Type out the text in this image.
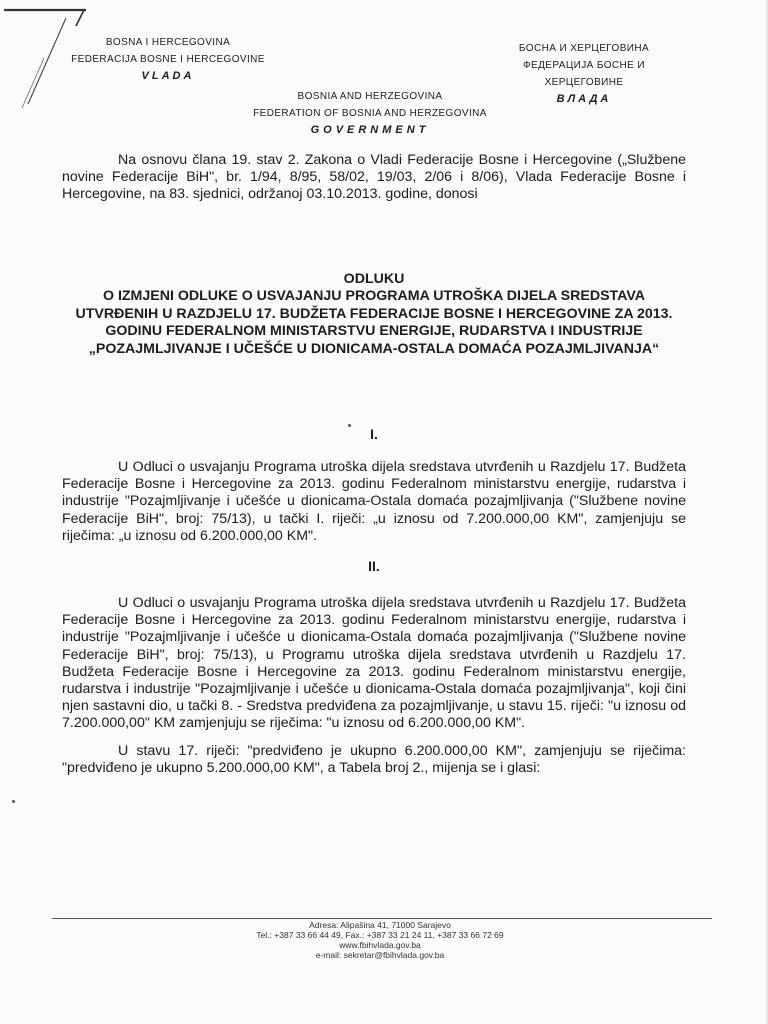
BOSNA I HERCEGOVINA
FEDERACIJA BOSNE I HERCEGOVINE
VLADA
БОСНА И ХЕРЦЕГОВИНА
ФЕДЕРАЦИЈА БОСНЕ И ХЕРЦЕГОВИНЕ
ВЛАДА
BOSNIA AND HERZEGOVINA
FEDERATION OF BOSNIA AND HERZEGOVINA
GOVERNMENT
Na osnovu člana 19. stav 2. Zakona o Vladi Federacije Bosne i Hercegovine („Službene novine Federacije BiH", br. 1/94, 8/95, 58/02, 19/03, 2/06 i 8/06), Vlada Federacije Bosne i Hercegovine, na 83. sjednici, održanoj 03.10.2013. godine, donosi
ODLUKU
O IZMJENI ODLUKE O USVAJANJU PROGRAMA UTROŠKA DIJELA SREDSTAVA UTVRĐENIH U RAZDJELU 17. BUDŽETA FEDERACIJE BOSNE I HERCEGOVINE ZA 2013. GODINU FEDERALNOM MINISTARSTVU ENERGIJE, RUDARSTVA I INDUSTRIJE „POZAJMLJIVANJE I UČEŠĆE U DIONICAMA-OSTALA DOMAĆA POZAJMLJIVANJA“
I.
U Odluci o usvajanju Programa utroška dijela sredstava utvrđenih u Razdjelu 17. Budžeta Federacije Bosne i Hercegovine za 2013. godinu Federalnom ministarstvu energije, rudarstva i industrije "Pozajmljivanje i učešće u dionicama-Ostala domaća pozajmljivanja ("Službene novine Federacije BiH", broj: 75/13), u tački I. riječi: „u iznosu od 7.200.000,00 KM", zamjenjuju se riječima: „u iznosu od 6.200.000,00 KM".
II.
U Odluci o usvajanju Programa utroška dijela sredstava utvrđenih u Razdjelu 17. Budžeta Federacije Bosne i Hercegovine za 2013. godinu Federalnom ministarstvu energije, rudarstva i industrije "Pozajmljivanje i učešće u dionicama-Ostala domaća pozajmljivanja ("Službene novine Federacije BiH", broj: 75/13), u Programu utroška dijela sredstava utvrđenih u Razdjelu 17. Budžeta Federacije Bosne i Hercegovine za 2013. godinu Federalnom ministarstvu energije, rudarstva i industrije "Pozajmljivanje i učešće u dionicama-Ostala domaća pozajmljivanja", koji čini njen sastavni dio, u tački 8. - Sredstva predviđena za pozajmljivanje, u stavu 15. riječi: "u iznosu od 7.200.000,00" KM zamjenjuju se riječima: "u iznosu od 6.200.000,00 KM".
U stavu 17. riječi: "predviđeno je ukupno 6.200.000,00 KM", zamjenjuju se riječima: "predviđeno je ukupno 5.200.000,00 KM", a Tabela broj 2., mijenja se i glasi:
Adresa: Alipašina 41, 71000 Sarajevo
Tel.: +387 33 66 44 49, Fax.: +387 33 21 24 11, +387 33 66 72 69
www.fbihvlada.gov.ba
e-mail: sekretar@fbihvlada.gov.ba
